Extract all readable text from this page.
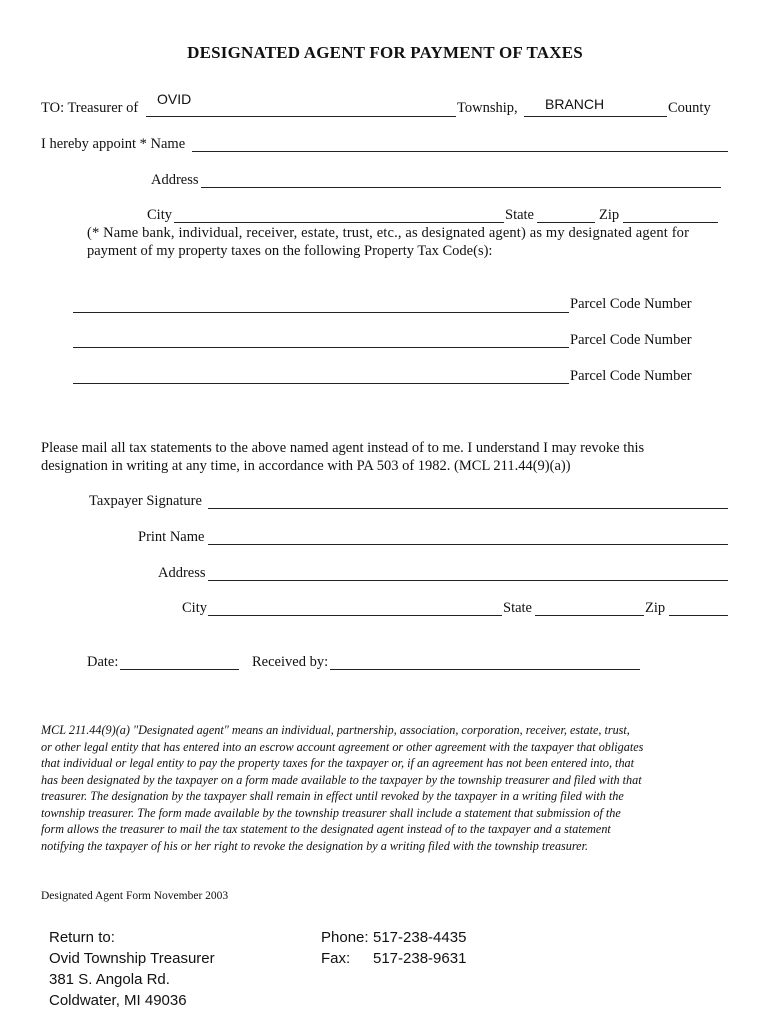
DESIGNATED AGENT FOR PAYMENT OF TAXES
TO: Treasurer of
OVID
Township, BRANCH	County
I hereby appoint * Name
Address
City	State	Zip
(* Name bank, individual, receiver, estate, trust, etc., as designated agent) as my designated agent for
payment of my property taxes on the following Property Tax Code(s):
Parcel Code Number
Parcel Code Number
Parcel Code Number
Please mail all tax statements to the above named agent instead of to me. I understand I may revoke this
designation in writing at any time, in accordance with PA 503 of 1982. (MCL 211.44(9)(a))
Taxpayer Signature
Print Name
Address
City	State	Zip
Date:	Received by:
MCL 211.44(9)(a) "Designated agent" means an individual, partnership, association, corporation, receiver, estate, trust,
or other legal entity that has entered into an escrow account agreement or other agreement with the taxpayer that obligates
that individual or legal entity to pay the property taxes for the taxpayer or, if an agreement has not been entered into, that
has been designated by the taxpayer on a form made available to the taxpayer by the township treasurer and filed with that
treasurer. The designation by the taxpayer shall remain in effect until revoked by the taxpayer in a writing filed with the
township treasurer. The form made available by the township treasurer shall include a statement that submission of the
form allows the treasurer to mail the tax statement to the designated agent instead of to the taxpayer and a statement
notifying the taxpayer of his or her right to revoke the designation by a writing filed with the township treasurer.
Designated Agent Form November 2003
Return to:
Ovid Township Treasurer
381 S. Angola Rd.
Coldwater, MI 49036
Phone: 517-238-4435
Fax: 517-238-9631
